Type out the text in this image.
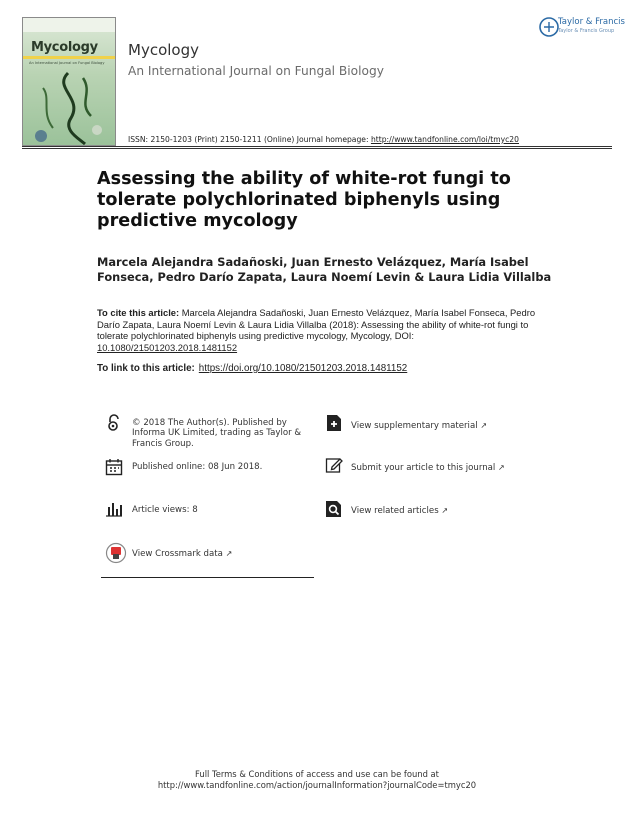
Mycology
An International Journal on Fungal Biology
Mycology
An International Journal on Fungal Biology
ISSN: 2150-1203 (Print) 2150-1211 (Online) Journal homepage: http://www.tandfonline.com/loi/tmyc20
Taylor & Francis
Taylor & Francis Group
Assessing the ability of white-rot fungi to tolerate polychlorinated biphenyls using predictive mycology
Marcela Alejandra Sadañoski, Juan Ernesto Velázquez, María Isabel Fonseca, Pedro Darío Zapata, Laura Noemí Levin & Laura Lidia Villalba
To cite this article: Marcela Alejandra Sadañoski, Juan Ernesto Velázquez, María Isabel Fonseca, Pedro Darío Zapata, Laura Noemí Levin & Laura Lidia Villalba (2018): Assessing the ability of white-rot fungi to tolerate polychlorinated biphenyls using predictive mycology, Mycology, DOI: 10.1080/21501203.2018.1481152
To link to this article: https://doi.org/10.1080/21501203.2018.1481152
© 2018 The Author(s). Published by Informa UK Limited, trading as Taylor & Francis Group.
Published online: 08 Jun 2018.
Article views: 8
View Crossmark data ↗
View supplementary material ↗
Submit your article to this journal ↗
View related articles ↗
Full Terms & Conditions of access and use can be found at
http://www.tandfonline.com/action/journalInformation?journalCode=tmyc20
